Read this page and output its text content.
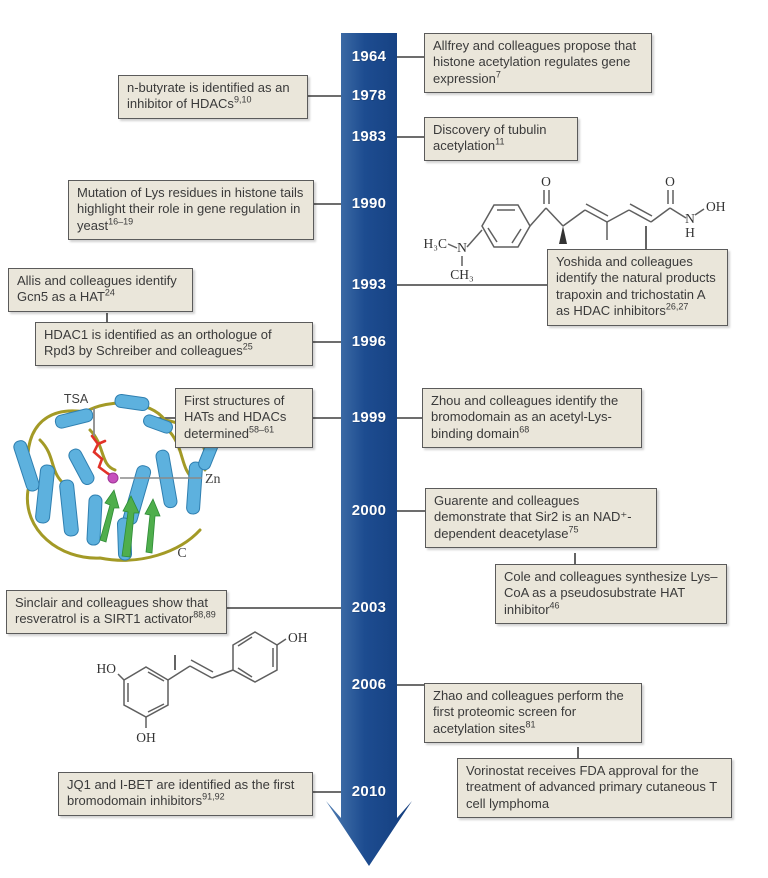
H₃C N
CH₃
O	O
N
H
OH
TSA
Zn
C
HO
OH
OH
1964
1978
1983
1990
1993
1996
1999
2000
2003
2006
2010
Allfrey and colleagues propose that histone acetylation regulates gene expression$^7$
n-butyrate is identified as an inhibitor of HDACs$^{9,10}$
Discovery of tubulin acetylation$^{11}$
Mutation of Lys residues in histone tails highlight their role in gene regulation in yeast$^{16-19}$
Yoshida and colleagues identify the natural products trapoxin and trichostatin A as HDAC inhibitors$^{26,27}$
Allis and colleagues identify Gcn5 as a HAT$^{24}$
HDAC1 is identified as an orthologue of Rpd3 by Schreiber and colleagues$^{25}$
First structures of HATs and HDACs determined$^{58-61}$
Zhou and colleagues identify the bromodomain as an acetyl-Lys-binding domain$^{68}$
Guarente and colleagues demonstrate that Sir2 is an NAD⁺-dependent deacetylase$^{75}$
Cole and colleagues synthesize Lys–CoA as a pseudosubstrate HAT inhibitor$^{46}$
Sinclair and colleagues show that resveratrol is a SIRT1 activator$^{88,89}$
Zhao and colleagues perform the first proteomic screen for acetylation sites$^{81}$
Vorinostat receives FDA approval for the treatment of advanced primary cutaneous T cell lymphoma
JQ1 and I-BET are identified as the first bromodomain inhibitors$^{91,92}$
